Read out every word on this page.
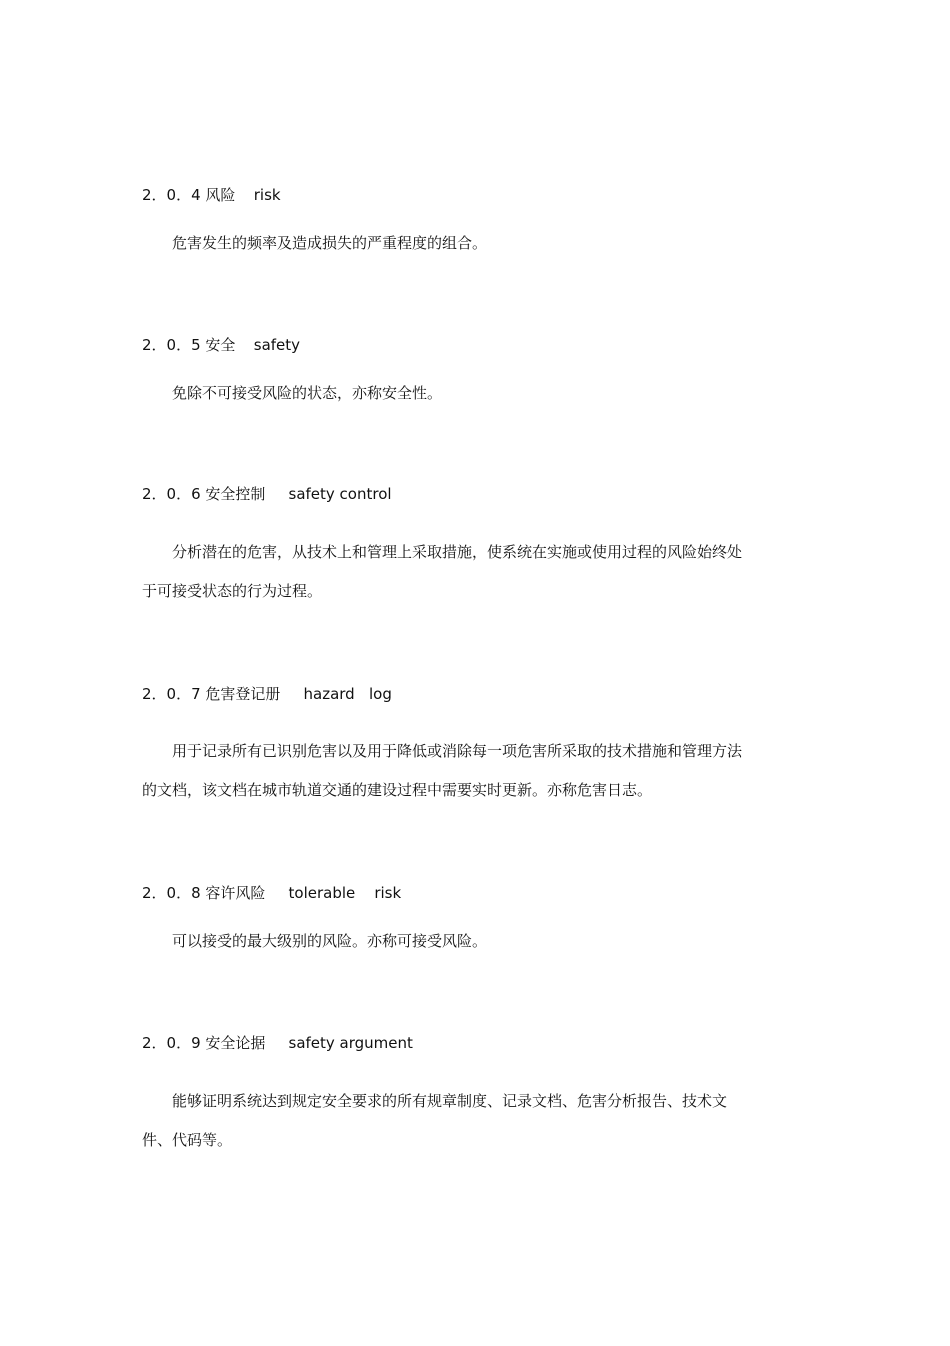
2．0．4 风险 risk
危害发生的频率及造成损失的严重程度的组合。
2．0．5 安全 safety
免除不可接受风险的状态，亦称安全性。
2．0．6 安全控制 safety control
分析潜在的危害，从技术上和管理上采取措施，使系统在实施或使用过程的风险始终处于可接受状态的行为过程。
2．0．7 危害登记册 hazard   log
用于记录所有已识别危害以及用于降低或消除每一项危害所采取的技术措施和管理方法的文档，该文档在城市轨道交通的建设过程中需要实时更新。亦称危害日志。
2．0．8 容许风险 tolerable    risk
可以接受的最大级别的风险。亦称可接受风险。
2．0．9 安全论据 safety argument
能够证明系统达到规定安全要求的所有规章制度、记录文档、危害分析报告、技术文件、代码等。
